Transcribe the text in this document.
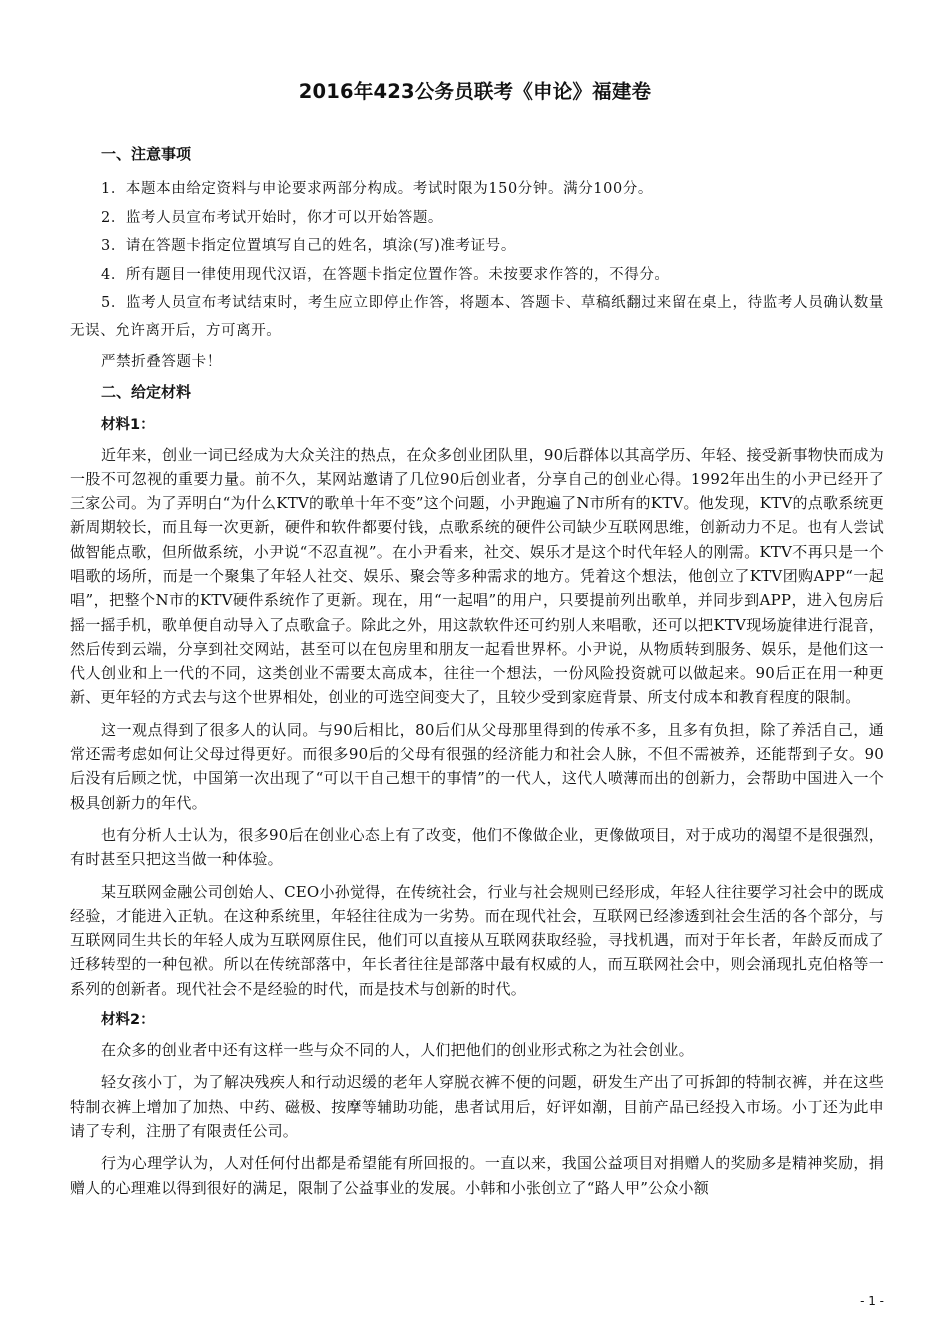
2016年423公务员联考《申论》福建卷
一、注意事项

1．本题本由给定资料与申论要求两部分构成。考试时限为150分钟。满分100分。

2．监考人员宣布考试开始时，你才可以开始答题。

3．请在答题卡指定位置填写自己的姓名，填涂(写)准考证号。

4．所有题目一律使用现代汉语，在答题卡指定位置作答。未按要求作答的，不得分。

5．监考人员宣布考试结束时，考生应立即停止作答，将题本、答题卡、草稿纸翻过来留在桌上，待监考人员确认数量无误、允许离开后，方可离开。

严禁折叠答题卡！

二、给定材料
材料1：

近年来，创业一词已经成为大众关注的热点，在众多创业团队里，90后群体以其高学历、年轻、接受新事物快而成为一股不可忽视的重要力量。前不久，某网站邀请了几位90后创业者，分享自己的创业心得。1992年出生的小尹已经开了三家公司。为了弄明白“为什么KTV的歌单十年不变”这个问题，小尹跑遍了N市所有的KTV。他发现，KTV的点歌系统更新周期较长，而且每一次更新，硬件和软件都要付钱，点歌系统的硬件公司缺少互联网思维，创新动力不足。也有人尝试做智能点歌，但所做系统，小尹说“不忍直视”。在小尹看来，社交、娱乐才是这个时代年轻人的刚需。KTV不再只是一个唱歌的场所，而是一个聚集了年轻人社交、娱乐、聚会等多种需求的地方。凭着这个想法，他创立了KTV团购APP“一起唱”，把整个N市的KTV硬件系统作了更新。现在，用“一起唱”的用户，只要提前列出歌单，并同步到APP，进入包房后摇一摇手机，歌单便自动导入了点歌盒子。除此之外，用这款软件还可约别人来唱歌，还可以把KTV现场旋律进行混音，然后传到云端，分享到社交网站，甚至可以在包房里和朋友一起看世界杯。小尹说，从物质转到服务、娱乐，是他们这一代人创业和上一代的不同，这类创业不需要太高成本，往往一个想法，一份风险投资就可以做起来。90后正在用一种更新、更年轻的方式去与这个世界相处，创业的可选空间变大了，且较少受到家庭背景、所支付成本和教育程度的限制。

这一观点得到了很多人的认同。与90后相比，80后们从父母那里得到的传承不多，且多有负担，除了养活自己，通常还需考虑如何让父母过得更好。而很多90后的父母有很强的经济能力和社会人脉，不但不需被养，还能帮到子女。90后没有后顾之忧，中国第一次出现了“可以干自己想干的事情”的一代人，这代人喷薄而出的创新力，会帮助中国进入一个极具创新力的年代。

也有分析人士认为，很多90后在创业心态上有了改变，他们不像做企业，更像做项目，对于成功的渴望不是很强烈，有时甚至只把这当做一种体验。

某互联网金融公司创始人、CEO小孙觉得，在传统社会，行业与社会规则已经形成，年轻人往往要学习社会中的既成经验，才能进入正轨。在这种系统里，年轻往往成为一劣势。而在现代社会，互联网已经渗透到社会生活的各个部分，与互联网同生共长的年轻人成为互联网原住民，他们可以直接从互联网获取经验，寻找机遇，而对于年长者，年龄反而成了迁移转型的一种包袱。所以在传统部落中，年长者往往是部落中最有权威的人，而互联网社会中，则会涌现扎克伯格等一系列的创新者。现代社会不是经验的时代，而是技术与创新的时代。

材料2：

在众多的创业者中还有这样一些与众不同的人，人们把他们的创业形式称之为社会创业。

轻女孩小丁，为了解决残疾人和行动迟缓的老年人穿脱衣裤不便的问题，研发生产出了可拆卸的特制衣裤，并在这些特制衣裤上增加了加热、中药、磁极、按摩等辅助功能，患者试用后，好评如潮，目前产品已经投入市场。小丁还为此申请了专利，注册了有限责任公司。

行为心理学认为，人对任何付出都是希望能有所回报的。一直以来，我国公益项目对捐赠人的奖励多是精神奖励，捐赠人的心理难以得到很好的满足，限制了公益事业的发展。小韩和小张创立了“路人甲”公众小额

- 1 -
